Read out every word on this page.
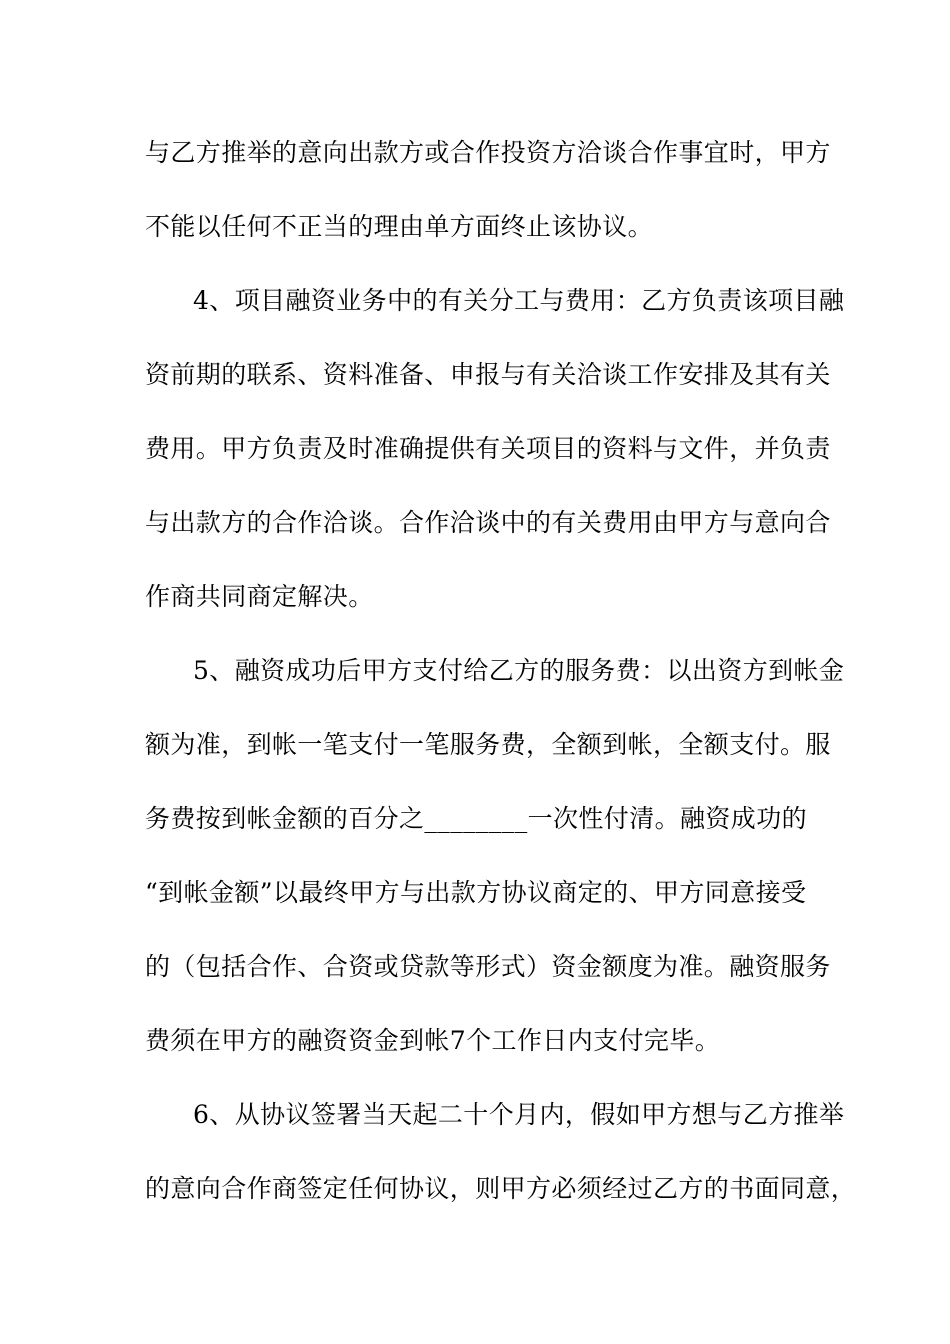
与乙方推举的意向出款方或合作投资方洽谈合作事宜时，甲方
不能以任何不正当的理由单方面终止该协议。
4、项目融资业务中的有关分工与费用：乙方负责该项目融
资前期的联系、资料准备、申报与有关洽谈工作安排及其有关
费用。甲方负责及时准确提供有关项目的资料与文件，并负责
与出款方的合作洽谈。合作洽谈中的有关费用由甲方与意向合
作商共同商定解决。
5、融资成功后甲方支付给乙方的服务费：以出资方到帐金
额为准，到帐一笔支付一笔服务费，全额到帐，全额支付。服
务费按到帐金额的百分之________一次性付清。融资成功的
“到帐金额”以最终甲方与出款方协议商定的、甲方同意接受
的（包括合作、合资或贷款等形式）资金额度为准。融资服务
费须在甲方的融资资金到帐7个工作日内支付完毕。
6、从协议签署当天起二十个月内，假如甲方想与乙方推举
的意向合作商签定任何协议，则甲方必须经过乙方的书面同意，
